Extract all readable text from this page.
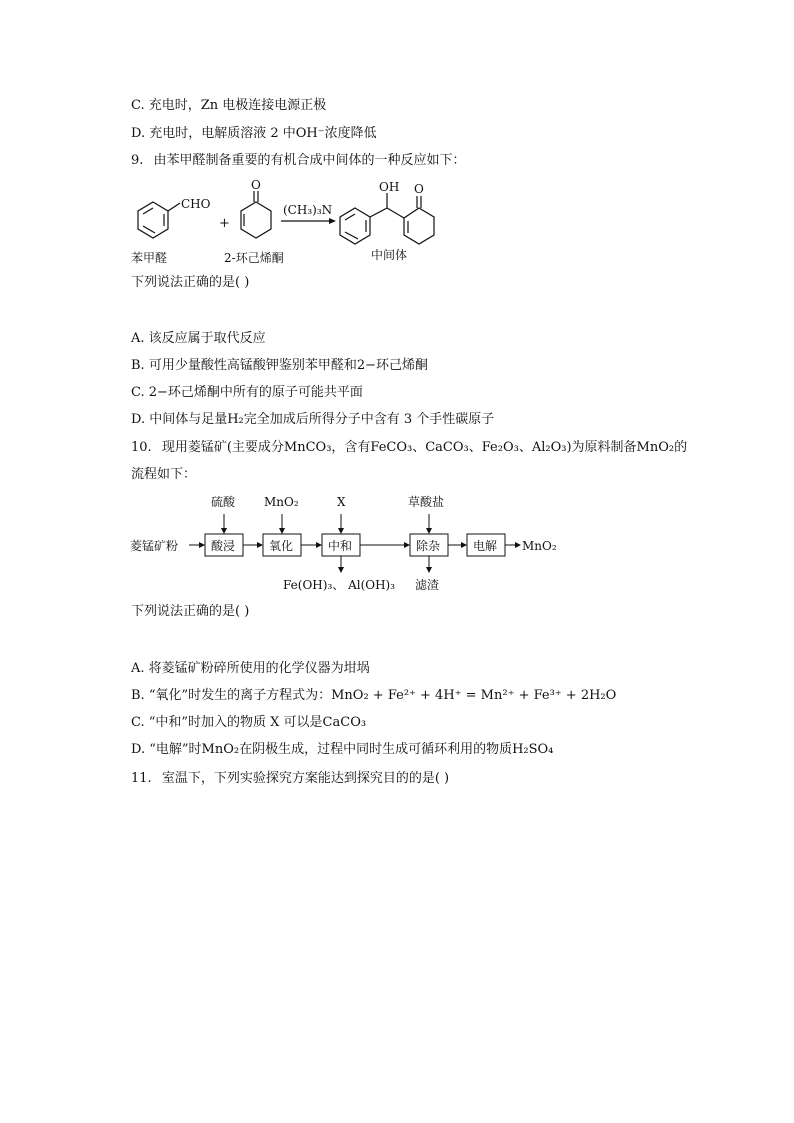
C. 充电时，Zn 电极连接电源正极
D. 充电时，电解质溶液 2 中OH⁻浓度降低
9. 由苯甲醛制备重要的有机合成中间体的一种反应如下：
CHO
+
O
(CH₃)₃N
OH O
苯甲醛	2-环己烯酮	中间体
下列说法正确的是( )
A. 该反应属于取代反应
B. 可用少量酸性高锰酸钾鉴别苯甲醛和2−环己烯酮
C. 2−环己烯酮中所有的原子可能共平面
D. 中间体与足量H₂完全加成后所得分子中含有 3 个手性碳原子
10. 现用菱锰矿(主要成分MnCO₃，含有FeCO₃、CaCO₃、Fe₂O₃、Al₂O₃)为原料制备MnO₂的
流程如下：
菱锰矿粉	酸浸	氧化	中和	除杂	电解 MnO₂
硫酸 MnO₂	X	草酸盐
Fe(OH)₃、 Al(OH)₃ 滤渣
下列说法正确的是( )
A. 将菱锰矿粉碎所使用的化学仪器为坩埚
B. “氧化”时发生的离子方程式为：MnO₂ + Fe²⁺ + 4H⁺ = Mn²⁺ + Fe³⁺ + 2H₂O
C. “中和”时加入的物质 X 可以是CaCO₃
D. “电解”时MnO₂在阴极生成，过程中同时生成可循环利用的物质H₂SO₄
11. 室温下，下列实验探究方案能达到探究目的的是( )
